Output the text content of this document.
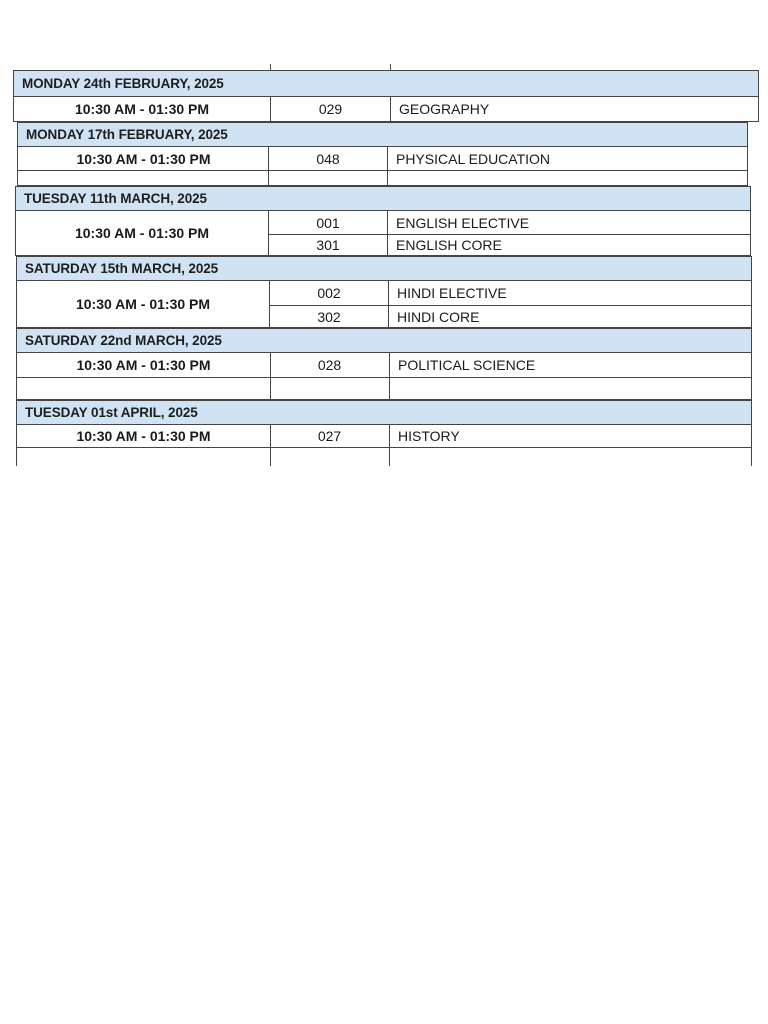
MONDAY 24th FEBRUARY, 2025
10:30 AM - 01:30 PM	029	GEOGRAPHY
MONDAY 17th FEBRUARY, 2025
10:30 AM - 01:30 PM	048	PHYSICAL EDUCATION
TUESDAY 11th MARCH, 2025
10:30 AM - 01:30 PM
001	ENGLISH ELECTIVE
301	ENGLISH CORE
SATURDAY 15th MARCH, 2025
10:30 AM - 01:30 PM
002	HINDI ELECTIVE
302	HINDI CORE
SATURDAY 22nd MARCH, 2025
10:30 AM - 01:30 PM	028	POLITICAL SCIENCE
TUESDAY 01st APRIL, 2025
10:30 AM - 01:30 PM	027	HISTORY
